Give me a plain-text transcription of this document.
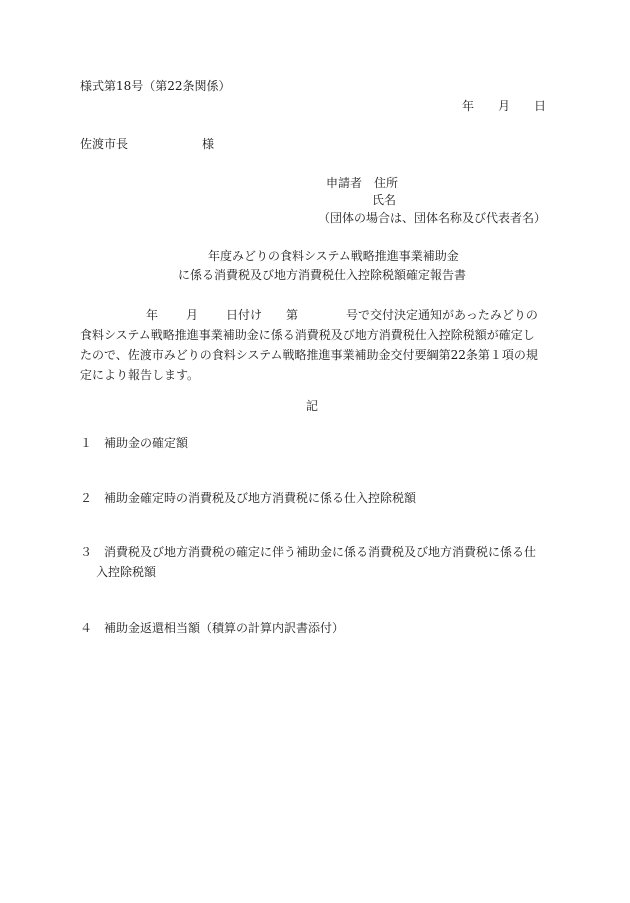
様式第18号（第22条関係）
年 月 日
佐渡市長	様
申請者　住所
氏名
（団体の場合は、団体名称及び代表者名）
年度みどりの食料システム戦略推進事業補助金
に係る消費税及び地方消費税仕入控除税額確定報告書
年 月 日付け 第	号で交付決定通知があったみどりの
食料システム戦略推進事業補助金に係る消費税及び地方消費税仕入控除税額が確定し
たので、佐渡市みどりの食料システム戦略推進事業補助金交付要綱第22条第１項の規
定により報告します。
記
１ 補助金の確定額
２ 補助金確定時の消費税及び地方消費税に係る仕入控除税額
３ 消費税及び地方消費税の確定に伴う補助金に係る消費税及び地方消費税に係る仕
入控除税額
４ 補助金返還相当額（積算の計算内訳書添付）
